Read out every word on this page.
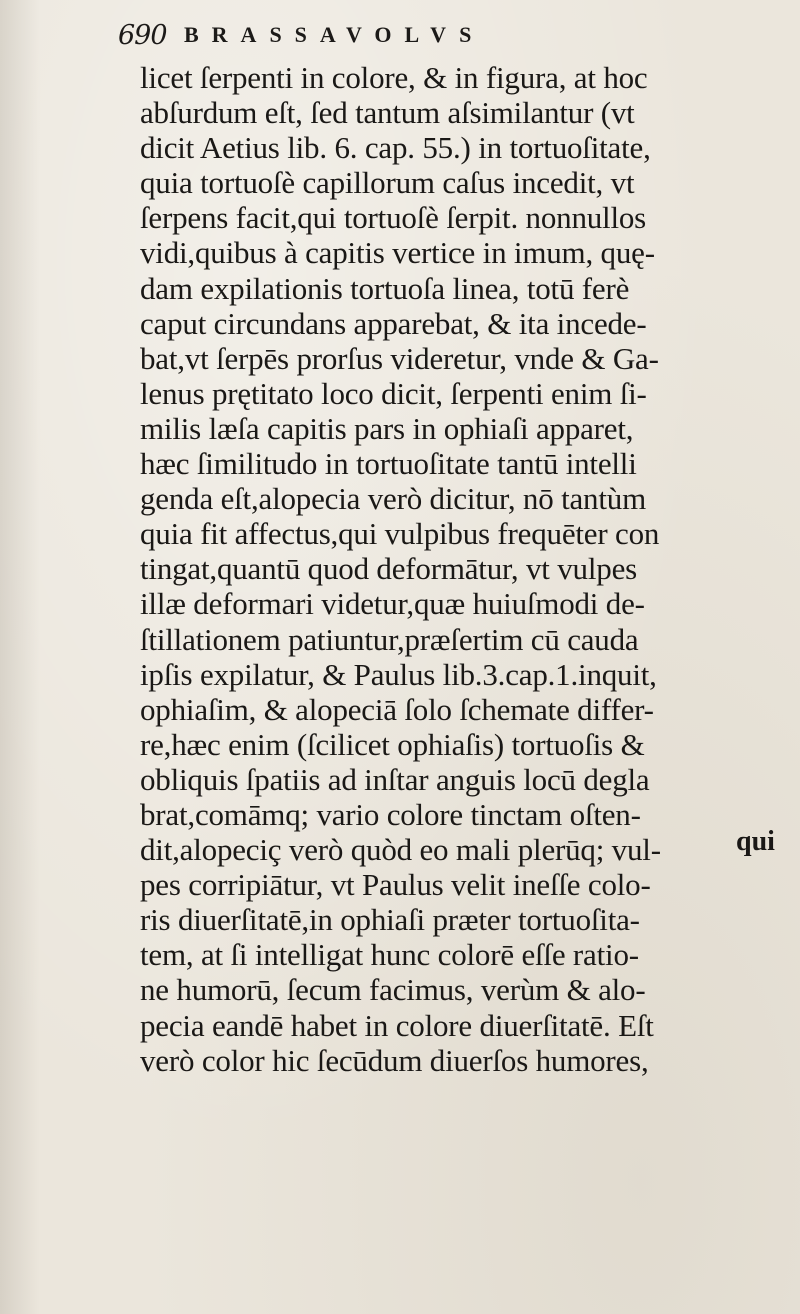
690 BRASSAVOLVS
licet ſerpenti in colore, & in figura, at hoc
abſurdum eſt, ſed tantum aſsimilantur (vt
dicit Aetius lib. 6. cap. 55.) in tortuoſitate,
quia tortuoſè capillorum caſus incedit, vt
ſerpens facit,qui tortuoſè ſerpit. nonnullos
vidi,quibus à capitis vertice in imum, quę-
dam expilationis tortuoſa linea, totū ferè
caput circundans apparebat, & ita incede-
bat,vt ſerpēs prorſus videretur, vnde & Ga-
lenus prętitato loco dicit, ſerpenti enim ſi-
milis læſa capitis pars in ophiaſi apparet,
hæc ſimilitudo in tortuoſitate tantū intelli
genda eſt,alopecia verò dicitur, nō tantùm
quia fit affectus,qui vulpibus frequēter con
tingat,quantū quod deformātur, vt vulpes
illæ deformari videtur,quæ huiuſmodi de-
ſtillationem patiuntur,præſertim cū cauda
ipſis expilatur, & Paulus lib.3.cap.1.inquit,
ophiaſim, & alopeciā ſolo ſchemate differ-
re,hæc enim (ſcilicet ophiaſis) tortuoſis &
obliquis ſpatiis ad inſtar anguis locū degla
brat,comāmq; vario colore tinctam oſten-
dit,alopeciç verò quòd eo mali plerūq; vul-
pes corripiātur, vt Paulus velit ineſſe colo-
ris diuerſitatē,in ophiaſi præter tortuoſita-
tem, at ſi intelligat hunc colorē eſſe ratio-
ne humorū, ſecum facimus, verùm & alo-
pecia eandē habet in colore diuerſitatē. Eſt
verò color hic ſecūdum diuerſos humores,
qui
